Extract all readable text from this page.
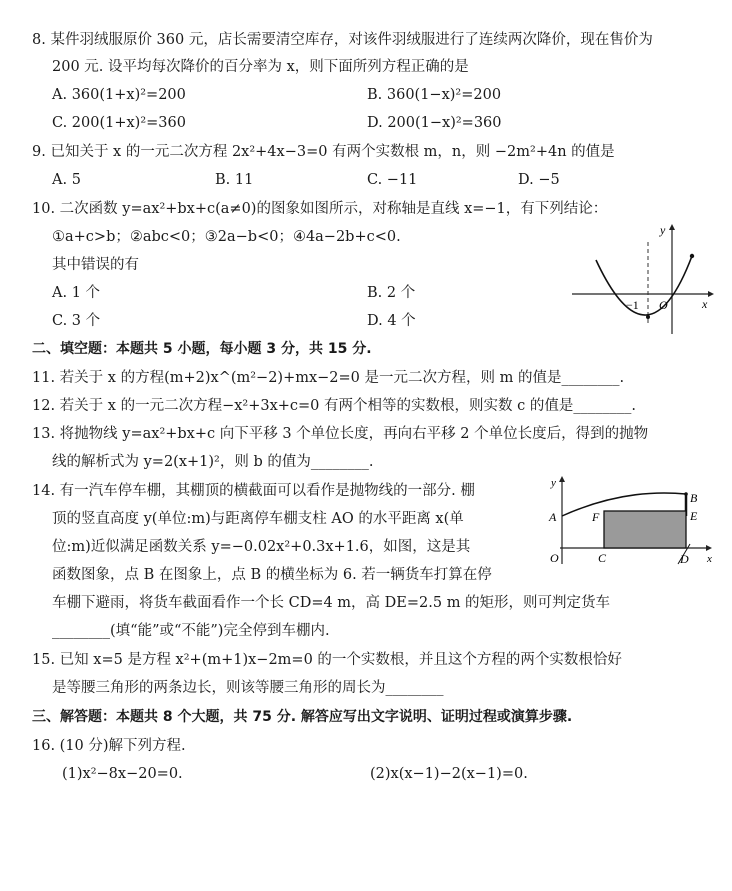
8. 某件羽绒服原价 360 元，店长需要清空库存，对该件羽绒服进行了连续两次降价，现在售价为
200 元. 设平均每次降价的百分率为 x，则下面所列方程正确的是
A. 360(1+x)²=200	B. 360(1−x)²=200
C. 200(1+x)²=360	D. 200(1−x)²=360
9. 已知关于 x 的一元二次方程 2x²+4x−3=0 有两个实数根 m，n，则 −2m²+4n 的值是
A. 5	B. 11	C. −11	D. −5
10. 二次函数 y=ax²+bx+c(a≠0)的图象如图所示，对称轴是直线 x=−1，有下列结论：
①a+c>b；②abc<0；③2a−b<0；④4a−2b+c<0.
其中错误的有
A. 1 个	B. 2 个
C. 3 个	D. 4 个
y
x
O
−1
二、填空题：本题共 5 小题，每小题 3 分，共 15 分.
11. 若关于 x 的方程(m+2)x^(m²−2)+mx−2=0 是一元二次方程，则 m 的值是________.
12. 若关于 x 的一元二次方程−x²+3x+c=0 有两个相等的实数根，则实数 c 的值是________.
13. 将抛物线 y=ax²+bx+c 向下平移 3 个单位长度，再向右平移 2 个单位长度后，得到的抛物
线的解析式为 y=2(x+1)²，则 b 的值为________.
14. 有一汽车停车棚，其棚顶的横截面可以看作是抛物线的一部分. 棚
顶的竖直高度 y(单位:m)与距离停车棚支柱 AO 的水平距离 x(单
位:m)近似满足函数关系 y=−0.02x²+0.3x+1.6，如图，这是其
函数图象，点 B 在图象上，点 B 的横坐标为 6. 若一辆货车打算在停
车棚下避雨，将货车截面看作一个长 CD=4 m，高 DE=2.5 m 的矩形，则可判定货车
________(填“能”或“不能”)完全停到车棚内.
y
x
O
A
B
E
F
C	D
15. 已知 x=5 是方程 x²+(m+1)x−2m=0 的一个实数根，并且这个方程的两个实数根恰好
是等腰三角形的两条边长，则该等腰三角形的周长为________
三、解答题：本题共 8 个大题，共 75 分. 解答应写出文字说明、证明过程或演算步骤.
16. (10 分)解下列方程.
(1)x²−8x−20=0.	(2)x(x−1)−2(x−1)=0.
